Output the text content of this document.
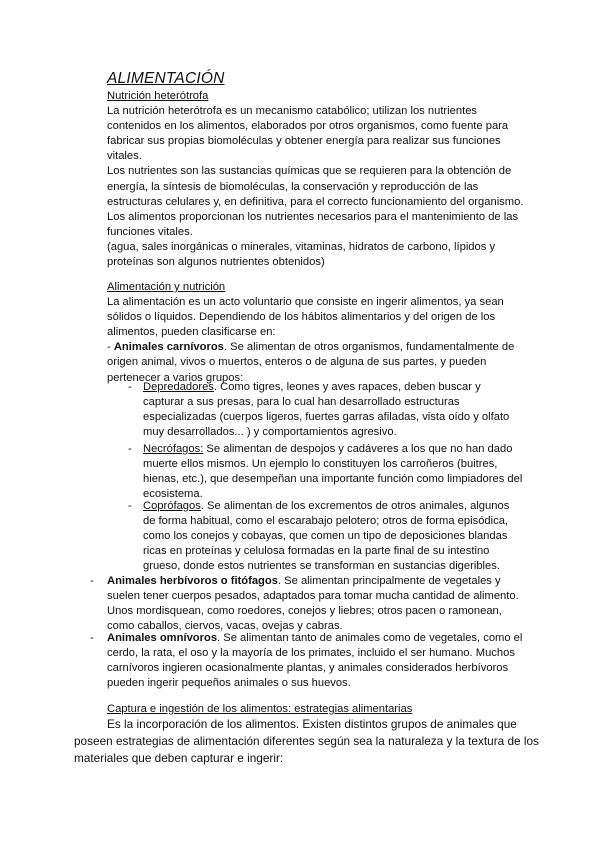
ALIMENTACIÓN

Nutrición heterótrofa

La nutrición heterótrofa es un mecanismo catabólico; utilizan los nutrientes contenidos en los alimentos, elaborados por otros organismos, como fuente para fabricar sus propias biomoléculas y obtener energía para realizar sus funciones vitales.

Los nutrientes son las sustancias químicas que se requieren para la obtención de energía, la síntesis de biomoléculas, la conservación y reproducción de las estructuras celulares y, en definitiva, para el correcto funcionamiento del organismo.

Los alimentos proporcionan los nutrientes necesarios para el mantenimiento de las funciones vitales.

(agua, sales inorgánicas o minerales, vitaminas, hidratos de carbono, lípidos y proteínas son algunos nutrientes obtenidos)

Alimentación y nutrición

La alimentación es un acto voluntario que consiste en ingerir alimentos, ya sean sólidos o líquidos. Dependiendo de los hábitos alimentarios y del origen de los alimentos, pueden clasificarse en:

- Animales carnívoros. Se alimentan de otros organismos, fundamentalmente de origen animal, vivos o muertos, enteros o de alguna de sus partes, y pueden pertenecer a varios grupos:

- Depredadores. Como tigres, leones y aves rapaces, deben buscar y capturar a sus presas, para lo cual han desarrollado estructuras especializadas (cuerpos ligeros, fuertes garras afiladas, vista oído y olfato muy desarrollados... ) y comportamientos agresivo.

- Necrófagos: Se alimentan de despojos y cadáveres a los que no han dado muerte ellos mismos. Un ejemplo lo constituyen los carroñeros (buitres, hienas, etc.), que desempeñan una importante función como limpiadores del ecosistema.

- Coprófagos. Se alimentan de los excrementos de otros animales, algunos de forma habitual, como el escarabajo pelotero; otros de forma episódica, como los conejos y cobayas, que comen un tipo de deposiciones blandas ricas en proteínas y celulosa formadas en la parte final de su intestino grueso, donde estos nutrientes se transforman en sustancias digeribles.

- Animales herbívoros o fitófagos. Se alimentan principalmente de vegetales y suelen tener cuerpos pesados, adaptados para tomar mucha cantidad de alimento. Unos mordisquean, como roedores, conejos y liebres; otros pacen o ramonean, como caballos, ciervos, vacas, ovejas y cabras.

- Animales omnívoros. Se alimentan tanto de animales como de vegetales, como el cerdo, la rata, el oso y la mayoría de los primates, incluido el ser humano. Muchos carnívoros ingieren ocasionalmente plantas, y animales considerados herbívoros pueden ingerir pequeños animales o sus huevos.

Captura e ingestión de los alimentos: estrategias alimentarias

Es la incorporación de los alimentos. Existen distintos grupos de animales que poseen estrategias de alimentación diferentes según sea la naturaleza y la textura de los materiales que deben capturar e ingerir:
